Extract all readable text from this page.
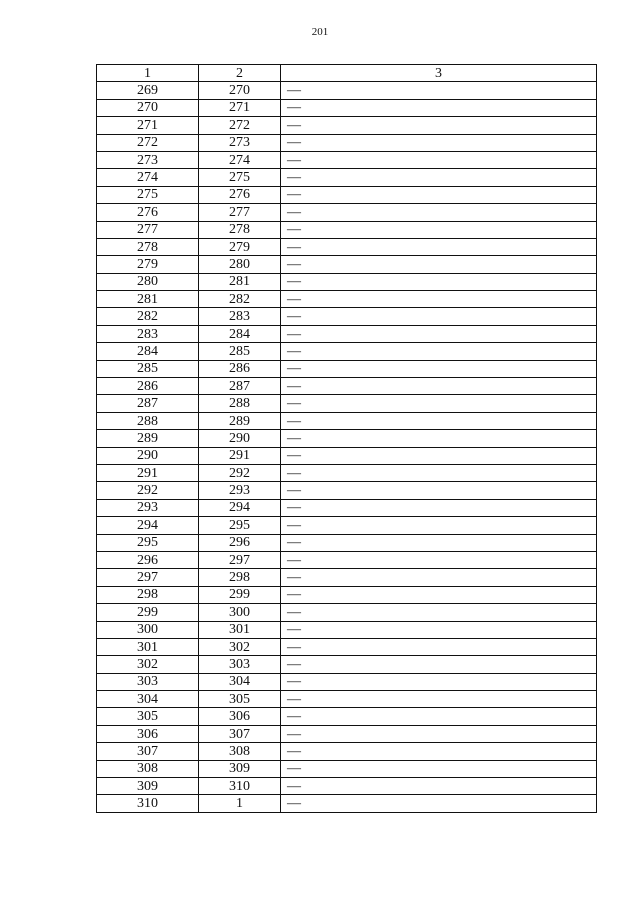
201
1	2	3
269	270	—
270	271	—
271	272	—
272	273	—
273	274	—
274	275	—
275	276	—
276	277	—
277	278	—
278	279	—
279	280	—
280	281	—
281	282	—
282	283	—
283	284	—
284	285	—
285	286	—
286	287	—
287	288	—
288	289	—
289	290	—
290	291	—
291	292	—
292	293	—
293	294	—
294	295	—
295	296	—
296	297	—
297	298	—
298	299	—
299	300	—
300	301	—
301	302	—
302	303	—
303	304	—
304	305	—
305	306	—
306	307	—
307	308	—
308	309	—
309	310	—
310	1	—
